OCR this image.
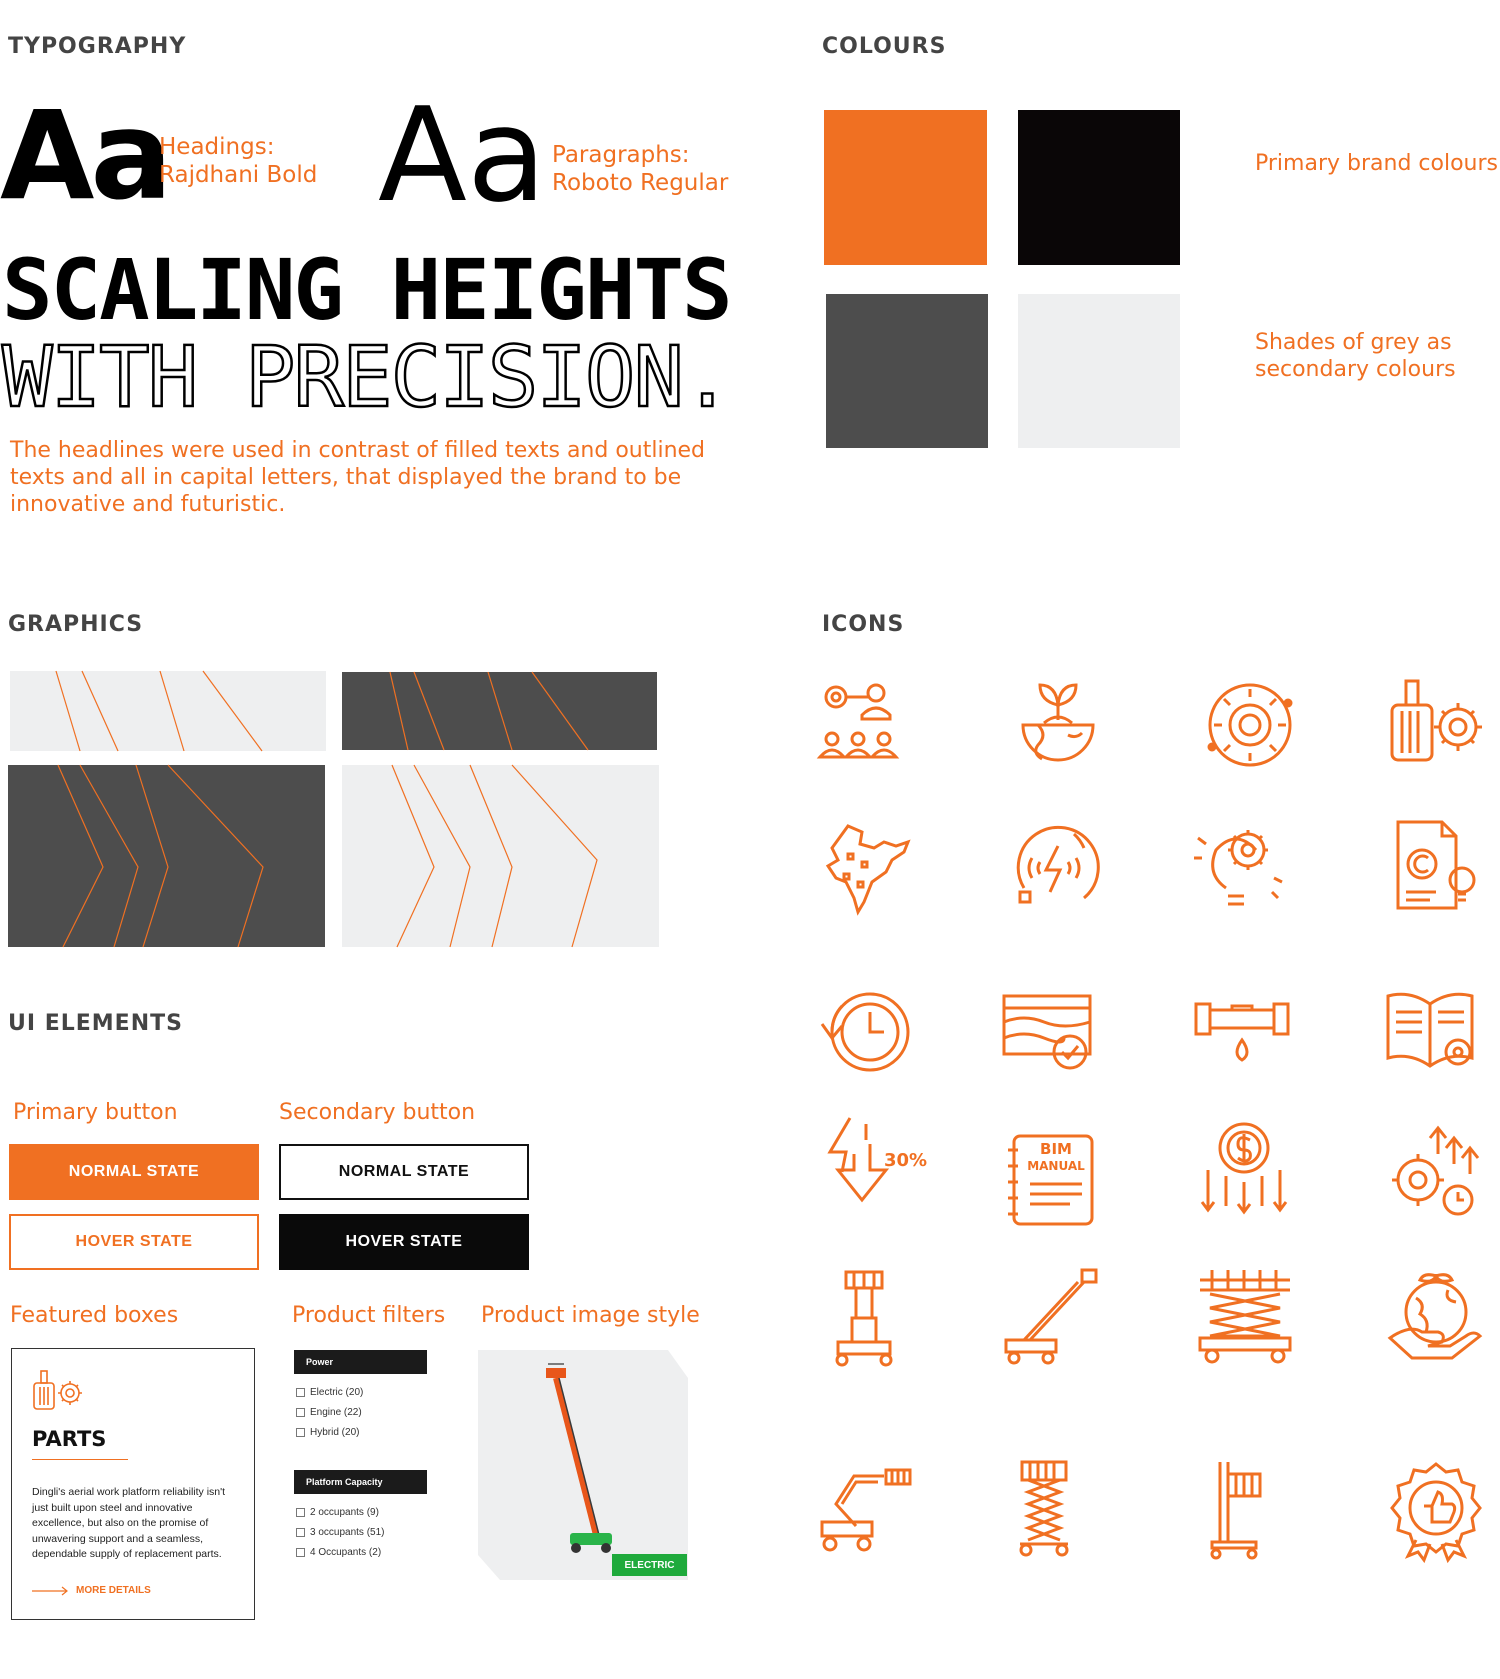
TYPOGRAPHY
Aa
Headings:
Rajdhani Bold Aa Paragraphs:
Roboto Regular
SCALING HEIGHTS
WITH PRECISION.
The headlines were used in contrast of filled texts and outlined texts and all in capital letters, that displayed the brand to be innovative and futuristic.
COLOURS
Primary brand colours
Shades of grey as
secondary colours
GRAPHICS
UI ELEMENTS
Primary button	Secondary button
NORMAL STATE
HOVER STATE
NORMAL STATE
HOVER STATE
Featured boxes	Product filters Product image style
PARTS
Dingli's aerial work platform reliability isn't just built upon steel and innovative excellence, but also on the promise of unwavering support and a seamless, dependable supply of replacement parts.
MORE DETAILS
Power
Electric (20)
Engine (22)
Hybrid (20)
Platform Capacity
2 occupants (9)
3 occupants (51)
4 Occupants (2)
ELECTRIC
ICONS
30%
BIM
MANUAL
